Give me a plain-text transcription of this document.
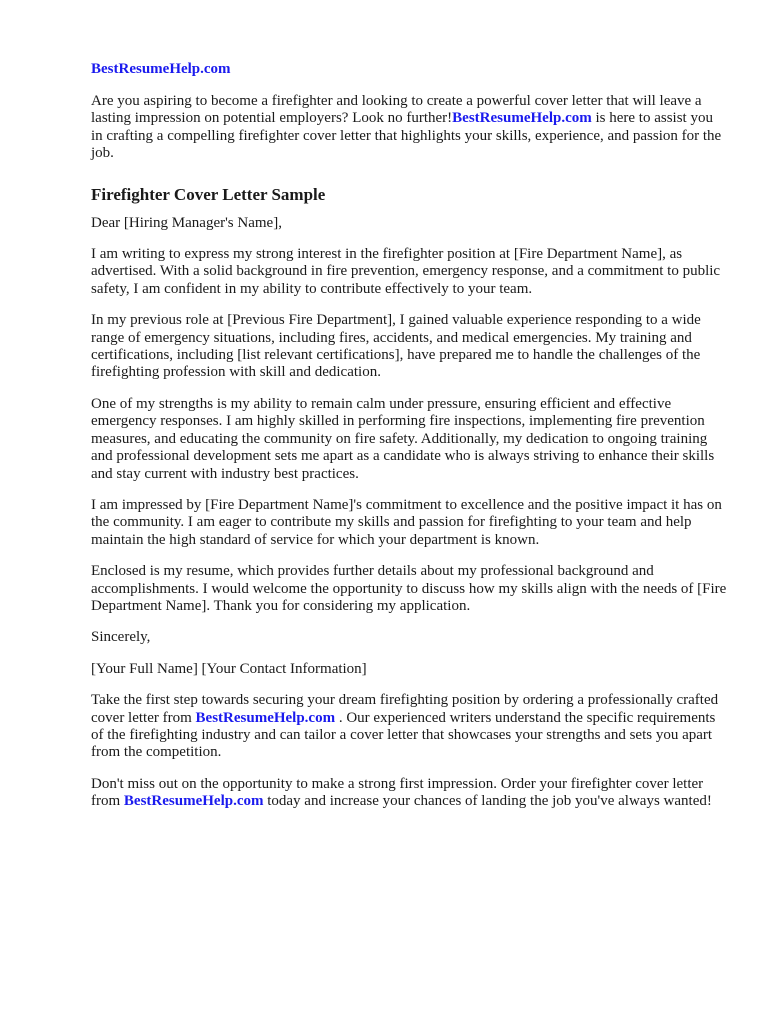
BestResumeHelp.com

Are you aspiring to become a firefighter and looking to create a powerful cover letter that will leave a lasting impression on potential employers? Look no further!BestResumeHelp.com is here to assist you in crafting a compelling firefighter cover letter that highlights your skills, experience, and passion for the job.

Firefighter Cover Letter Sample

Dear [Hiring Manager's Name],

I am writing to express my strong interest in the firefighter position at [Fire Department Name], as advertised. With a solid background in fire prevention, emergency response, and a commitment to public safety, I am confident in my ability to contribute effectively to your team.

In my previous role at [Previous Fire Department], I gained valuable experience responding to a wide range of emergency situations, including fires, accidents, and medical emergencies. My training and certifications, including [list relevant certifications], have prepared me to handle the challenges of the firefighting profession with skill and dedication.

One of my strengths is my ability to remain calm under pressure, ensuring efficient and effective emergency responses. I am highly skilled in performing fire inspections, implementing fire prevention measures, and educating the community on fire safety. Additionally, my dedication to ongoing training and professional development sets me apart as a candidate who is always striving to enhance their skills and stay current with industry best practices.

I am impressed by [Fire Department Name]'s commitment to excellence and the positive impact it has on the community. I am eager to contribute my skills and passion for firefighting to your team and help maintain the high standard of service for which your department is known.

Enclosed is my resume, which provides further details about my professional background and accomplishments. I would welcome the opportunity to discuss how my skills align with the needs of [Fire Department Name]. Thank you for considering my application.

Sincerely,

[Your Full Name] [Your Contact Information]

Take the first step towards securing your dream firefighting position by ordering a professionally crafted cover letter from BestResumeHelp.com . Our experienced writers understand the specific requirements of the firefighting industry and can tailor a cover letter that showcases your strengths and sets you apart from the competition.

Don't miss out on the opportunity to make a strong first impression. Order your firefighter cover letter from BestResumeHelp.com today and increase your chances of landing the job you've always wanted!
